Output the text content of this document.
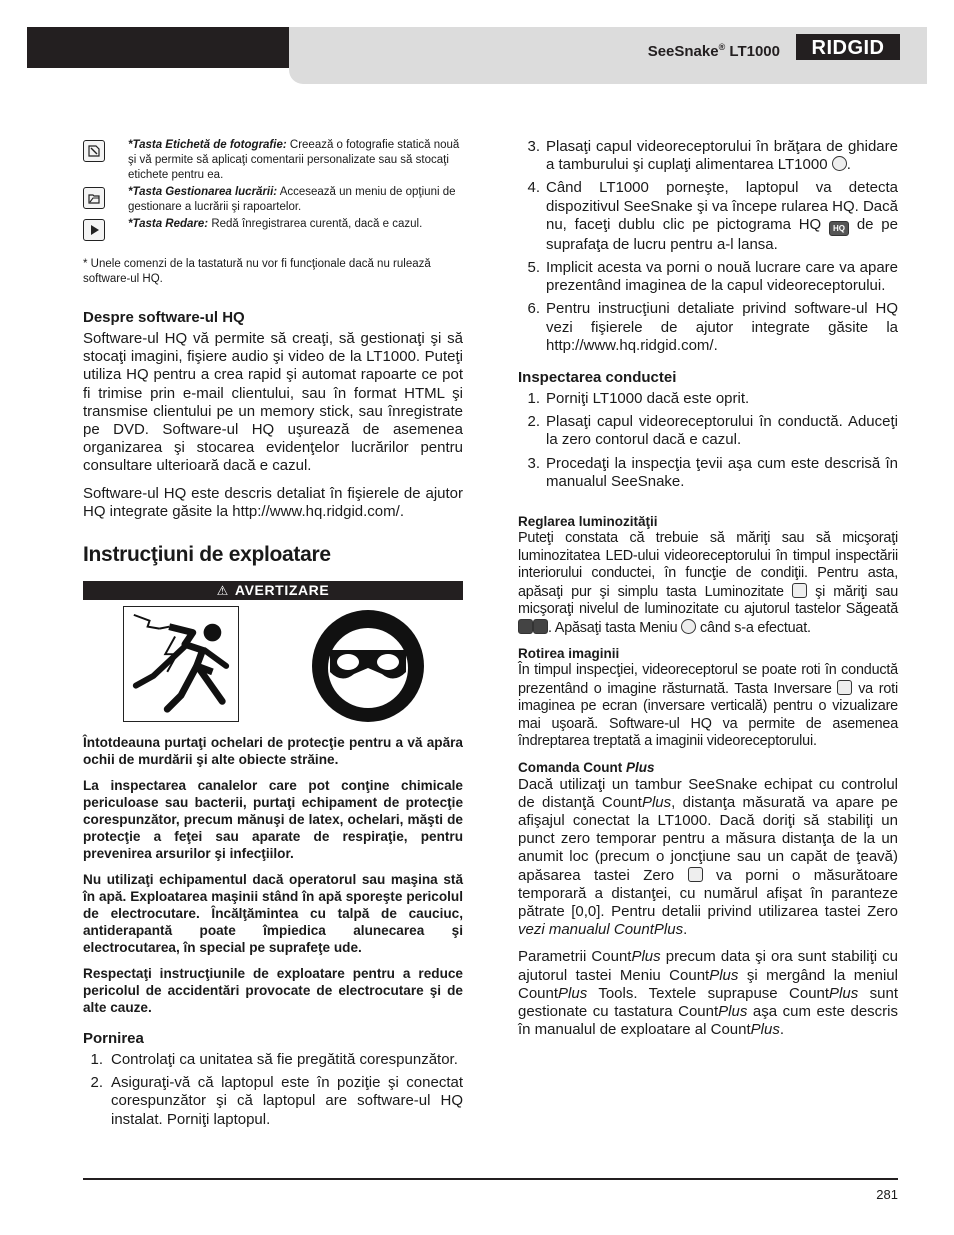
SeeSnake® LT1000 RIDGID
*Tasta Etichetă de fotografie: Creează o fotografie statică nouă şi vă permite să aplicaţi comentarii personalizate sau să stocaţi etichete pentru ea.
*Tasta Gestionarea lucrării: Accesează un meniu de opţiuni de gestionare a lucrării şi rapoartelor.
*Tasta Redare: Redă înregistrarea curentă, dacă e cazul.
* Unele comenzi de la tastatură nu vor fi funcţionale dacă nu rulează software-ul HQ.
Despre software-ul HQ
Software-ul HQ vă permite să creaţi, să gestionaţi şi să stocaţi imagini, fişiere audio şi video de la LT1000. Puteţi utiliza HQ pentru a crea rapid şi automat rapoarte ce pot fi trimise prin e-mail clientului, sau în format HTML şi transmise clientului pe un memory stick, sau înregistrate pe DVD. Software-ul HQ uşurează de asemenea organizarea şi stocarea evidenţelor lucrărilor pentru consultare ulterioară dacă e cazul.
Software-ul HQ este descris detaliat în fişierele de ajutor HQ integrate găsite la http://www.hq.ridgid.com/.
Instrucţiuni de exploatare
⚠ AVERTIZARE
Întotdeauna purtaţi ochelari de protecţie pentru a vă apăra ochii de murdării şi alte obiecte străine.
La inspectarea canalelor care pot conţine chimicale periculoase sau bacterii, purtaţi echipament de protecţie corespunzător, precum mănuşi de latex, ochelari, măşti de protecţie a feţei sau aparate de respiraţie, pentru prevenirea arsurilor şi infecţiilor.
Nu utilizaţi echipamentul dacă operatorul sau maşina stă în apă. Exploatarea maşinii stând în apă sporeşte pericolul de electrocutare. Încălţămintea cu talpă de cauciuc, antiderapantă poate împiedica alunecarea şi electrocutarea, în special pe suprafeţe ude.
Respectaţi instrucţiunile de exploatare pentru a reduce pericolul de accidentări provocate de electrocutare şi de alte cauze.
Pornirea
1. Controlaţi ca unitatea să fie pregătită corespunzător.
2. Asiguraţi-vă că laptopul este în poziţie şi conectat corespunzător şi că laptopul are software-ul HQ instalat. Porniţi laptopul.
3. Plasaţi capul videoreceptorului în brăţara de ghidare a tamburului şi cuplaţi alimentarea LT1000 .
4. Când LT1000 porneşte, laptopul va detecta dispozitivul SeeSnake şi va începe rularea HQ. Dacă nu, faceţi dublu clic pe pictograma HQ HQ de pe suprafaţa de lucru pentru a-l lansa.
5. Implicit acesta va porni o nouă lucrare care va apare prezentând imaginea de la capul videoreceptorului.
6. Pentru instrucţiuni detaliate privind software-ul HQ vezi fişierele de ajutor integrate găsite la http://www.hq.ridgid.com/.
Inspectarea conductei
1. Porniţi LT1000 dacă este oprit.
2. Plasaţi capul videoreceptorului în conductă. Aduceţi la zero contorul dacă e cazul.
3. Procedaţi la inspecţia ţevii aşa cum este descrisă în manualul SeeSnake.
Reglarea luminozităţii
Puteţi constata că trebuie să măriţi sau să micşoraţi luminozitatea LED-ului videoreceptorului în timpul inspectării interiorului conductei, în funcţie de condiţii. Pentru asta, apăsaţi pur şi simplu tasta Luminozitate şi măriţi sau micşoraţi nivelul de luminozitate cu ajutorul tastelor Săgeată . Apăsaţi tasta Meniu când s-a efectuat.
Rotirea imaginii
În timpul inspecţiei, videoreceptorul se poate roti în conductă prezentând o imagine răsturnată. Tasta Inversare va roti imaginea pe ecran (inversare verticală) pentru o vizualizare mai uşoară. Software-ul HQ va permite de asemenea îndreptarea treptată a imaginii videoreceptorului.
Comanda Count Plus
Dacă utilizaţi un tambur SeeSnake echipat cu controlul de distanţă CountPlus, distanţa măsurată va apare pe afişajul conectat la LT1000. Dacă doriţi să stabiliţi un punct zero temporar pentru a măsura distanţa de la un anumit loc (precum o joncţiune sau un capăt de ţeavă) apăsarea tastei Zero	va porni o măsurătoare temporară a distanţei, cu numărul afişat în paranteze pătrate [0,0]. Pentru detalii privind utilizarea tastei Zero vezi manualul CountPlus.
Parametrii CountPlus precum data şi ora sunt stabiliţi cu ajutorul tastei Meniu CountPlus şi mergând la meniul CountPlus Tools. Textele suprapuse CountPlus sunt gestionate cu tastatura CountPlus aşa cum este descris în manualul de exploatare al CountPlus.
281
